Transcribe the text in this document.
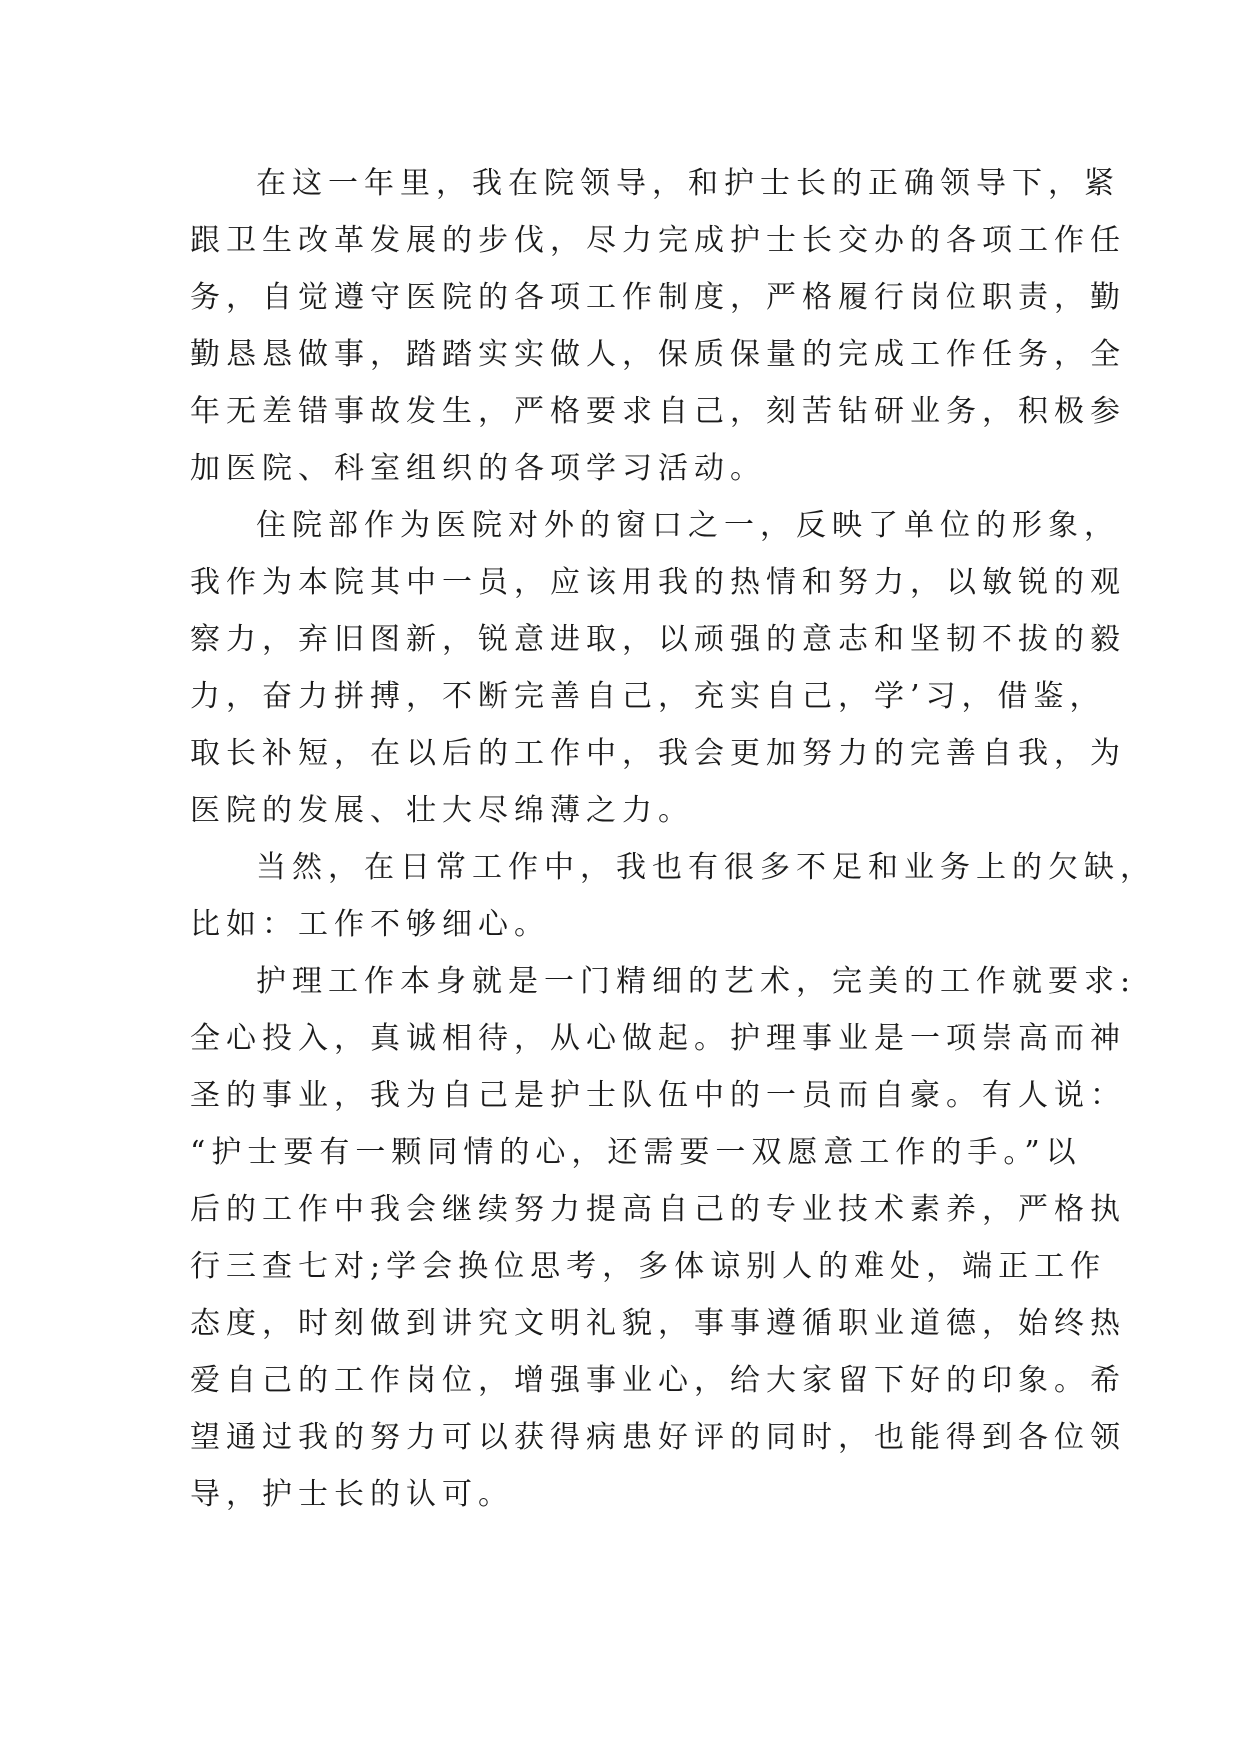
在这一年里，我在院领导，和护士长的正确领导下，紧
跟卫生改革发展的步伐，尽力完成护士长交办的各项工作任
务，自觉遵守医院的各项工作制度，严格履行岗位职责，勤
勤恳恳做事，踏踏实实做人，保质保量的完成工作任务，全
年无差错事故发生，严格要求自己，刻苦钻研业务，积极参
加医院、科室组织的各项学习活动。
住院部作为医院对外的窗口之一，反映了单位的形象，
我作为本院其中一员，应该用我的热情和努力，以敏锐的观
察力，弃旧图新，锐意进取，以顽强的意志和坚韧不拔的毅
力，奋力拼搏，不断完善自己，充实自己，学’习，借鉴，
取长补短，在以后的工作中，我会更加努力的完善自我，为
医院的发展、壮大尽绵薄之力。
当然，在日常工作中，我也有很多不足和业务上的欠缺，
比如：工作不够细心。
护理工作本身就是一门精细的艺术，完美的工作就要求:
全心投入，真诚相待，从心做起。护理事业是一项崇高而神
圣的事业，我为自己是护士队伍中的一员而自豪。有人说：
“护士要有一颗同情的心，还需要一双愿意工作的手。”以
后的工作中我会继续努力提高自己的专业技术素养，严格执
行三查七对;学会换位思考，多体谅别人的难处，端正工作
态度，时刻做到讲究文明礼貌，事事遵循职业道德，始终热
爱自己的工作岗位，增强事业心，给大家留下好的印象。希
望通过我的努力可以获得病患好评的同时，也能得到各位领
导，护士长的认可。
